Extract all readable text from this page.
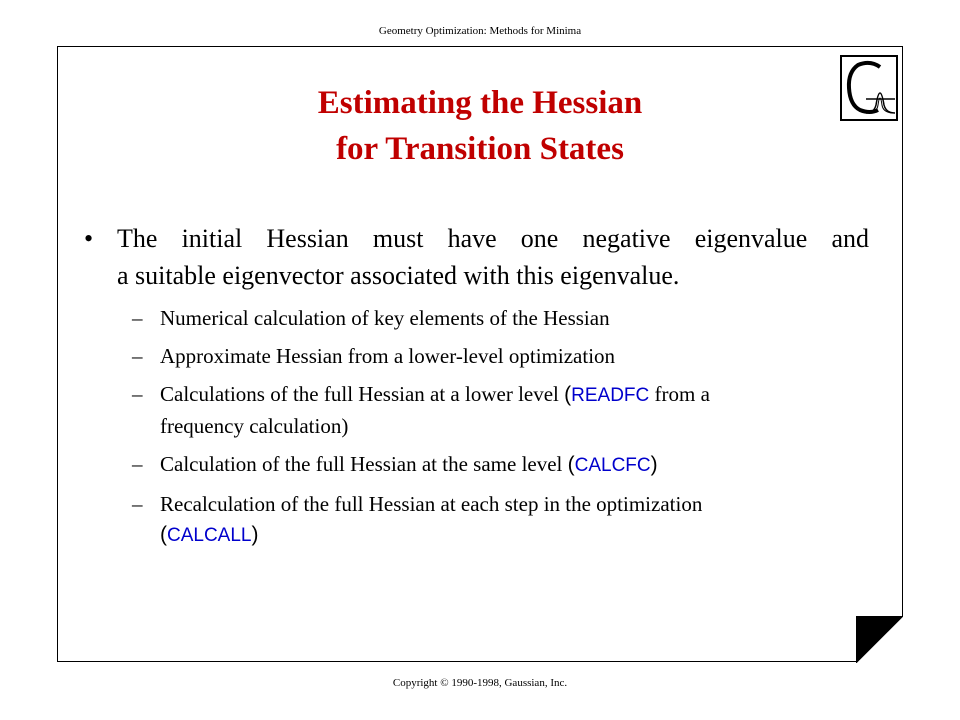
Geometry Optimization: Methods for Minima
Estimating the Hessian
for Transition States
• The initial Hessian must have one negative eigenvalue and
a suitable eigenvector associated with this eigenvalue.
– Numerical calculation of key elements of the Hessian
– Approximate Hessian from a lower-level optimization
– Calculations of the full Hessian at a lower level (READFC from a
frequency calculation)
– Calculation of the full Hessian at the same level (CALCFC)
– Recalculation of the full Hessian at each step in the optimization
(CALCALL)
Copyright © 1990-1998, Gaussian, Inc.
